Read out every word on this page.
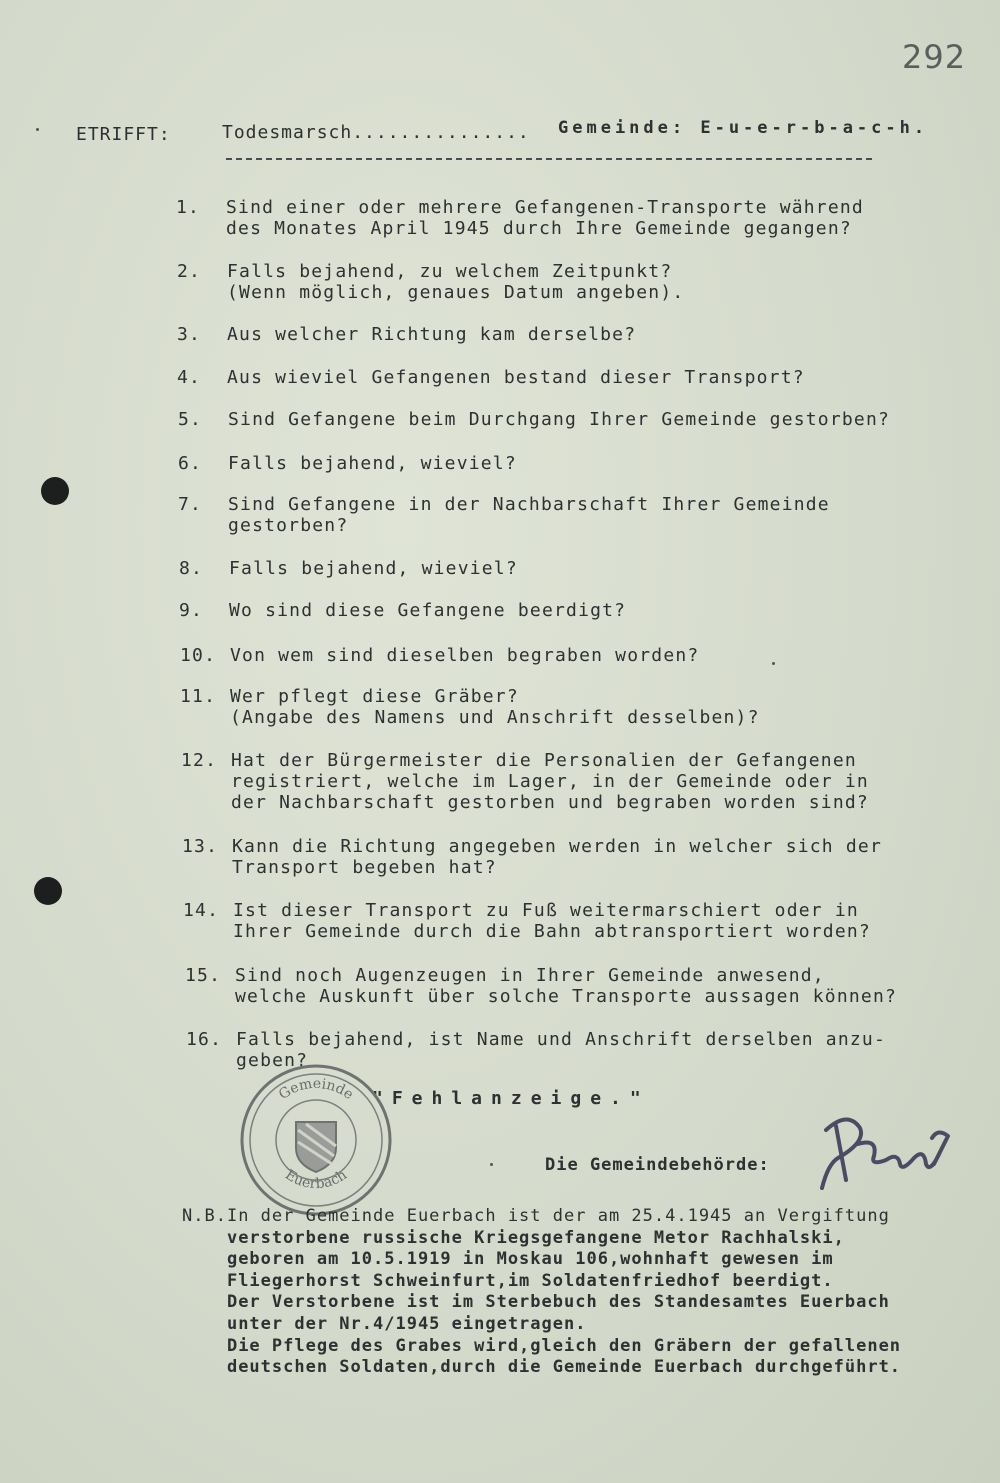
292
ETRIFFT:	Todesmarsch............... Gemeinde: E-u-e-r-b-a-c-h.
1. Sind einer oder mehrere Gefangenen-Transporte während
des Monates April 1945 durch Ihre Gemeinde gegangen?
2. Falls bejahend, zu welchem Zeitpunkt?
(Wenn möglich, genaues Datum angeben).
3. Aus welcher Richtung kam derselbe?
4. Aus wieviel Gefangenen bestand dieser Transport?
5. Sind Gefangene beim Durchgang Ihrer Gemeinde gestorben?
6. Falls bejahend, wieviel?
7. Sind Gefangene in der Nachbarschaft Ihrer Gemeinde
gestorben?
8. Falls bejahend, wieviel?
9. Wo sind diese Gefangene beerdigt?
10. Von wem sind dieselben begraben worden?
11. Wer pflegt diese Gräber?
(Angabe des Namens und Anschrift desselben)?
12. Hat der Bürgermeister die Personalien der Gefangenen
registriert, welche im Lager, in der Gemeinde oder in
der Nachbarschaft gestorben und begraben worden sind?
13. Kann die Richtung angegeben werden in welcher sich der
Transport begeben hat?
14. Ist dieser Transport zu Fuß weitermarschiert oder in
Ihrer Gemeinde durch die Bahn abtransportiert worden?
15. Sind noch Augenzeugen in Ihrer Gemeinde anwesend,
welche Auskunft über solche Transporte aussagen können?
16. Falls bejahend, ist Name und Anschrift derselben anzu-
geben?
"Fehlanzeige."
Gemeinde
Euerbach
Die Gemeindebehörde:
N.B.In der Gemeinde Euerbach ist der am 25.4.1945 an Vergiftung
verstorbene russische Kriegsgefangene Metor Rachhalski,
geboren am 10.5.1919 in Moskau 106,wohnhaft gewesen im
Fliegerhorst Schweinfurt,im Soldatenfriedhof beerdigt.
Der Verstorbene ist im Sterbebuch des Standesamtes Euerbach
unter der Nr.4/1945 eingetragen.
Die Pflege des Grabes wird,gleich den Gräbern der gefallenen
deutschen Soldaten,durch die Gemeinde Euerbach durchgeführt.
